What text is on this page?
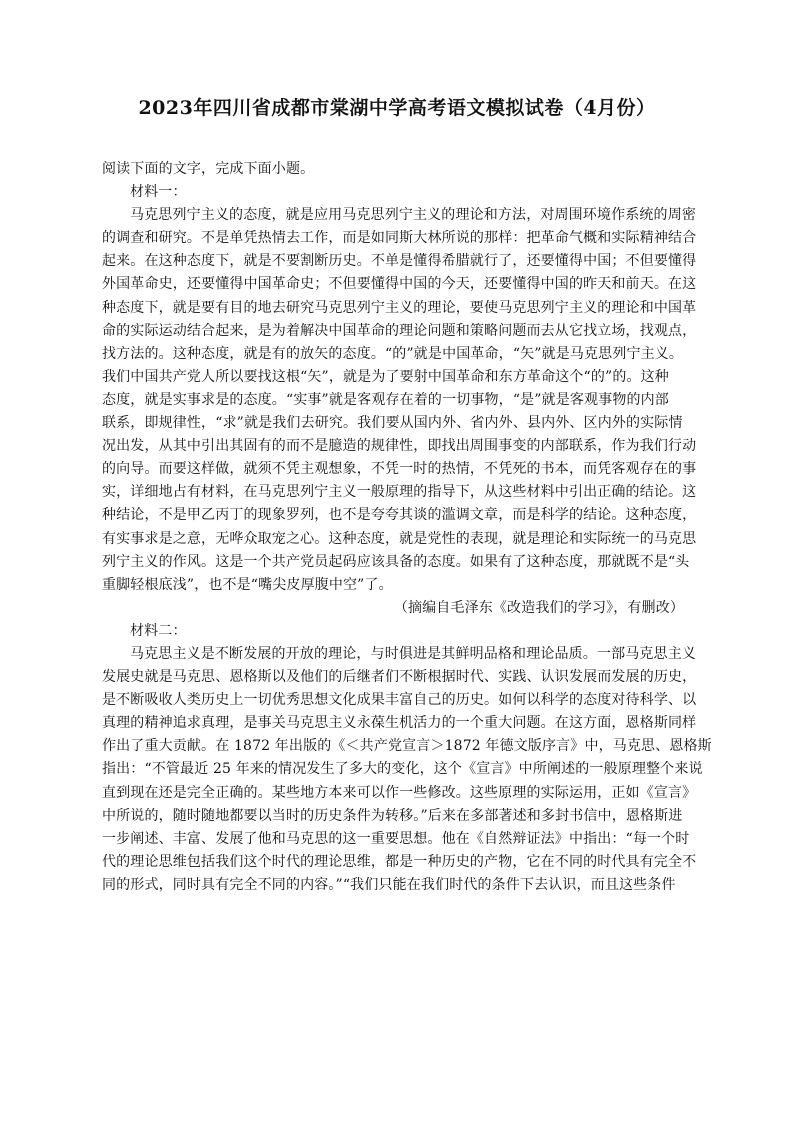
2023年四川省成都市棠湖中学高考语文模拟试卷（4月份）
阅读下面的文字，完成下面小题。
材料一：
马克思列宁主义的态度，就是应用马克思列宁主义的理论和方法，对周围环境作系统的周密
的调查和研究。不是单凭热情去工作，而是如同斯大林所说的那样：把革命气概和实际精神结合
起来。在这种态度下，就是不要割断历史。不单是懂得希腊就行了，还要懂得中国；不但要懂得
外国革命史，还要懂得中国革命史；不但要懂得中国的今天，还要懂得中国的昨天和前天。在这
种态度下，就是要有目的地去研究马克思列宁主义的理论，要使马克思列宁主义的理论和中国革
命的实际运动结合起来，是为着解决中国革命的理论问题和策略问题而去从它找立场，找观点，
找方法的。这种态度，就是有的放矢的态度。“的”就是中国革命，“矢”就是马克思列宁主义。
我们中国共产党人所以要找这根“矢”，就是为了要射中国革命和东方革命这个“的”的。这种
态度，就是实事求是的态度。“实事”就是客观存在着的一切事物，“是”就是客观事物的内部
联系，即规律性，“求”就是我们去研究。我们要从国内外、省内外、县内外、区内外的实际情
况出发，从其中引出其固有的而不是臆造的规律性，即找出周围事变的内部联系，作为我们行动
的向导。而要这样做，就须不凭主观想象，不凭一时的热情，不凭死的书本，而凭客观存在的事
实，详细地占有材料，在马克思列宁主义一般原理的指导下，从这些材料中引出正确的结论。这
种结论，不是甲乙丙丁的现象罗列，也不是夸夸其谈的滥调文章，而是科学的结论。这种态度，
有实事求是之意，无哗众取宠之心。这种态度，就是党性的表现，就是理论和实际统一的马克思
列宁主义的作风。这是一个共产党员起码应该具备的态度。如果有了这种态度，那就既不是“头
重脚轻根底浅”，也不是“嘴尖皮厚腹中空”了。
（摘编自毛泽东《改造我们的学习》，有删改）
材料二：
马克思主义是不断发展的开放的理论，与时俱进是其鲜明品格和理论品质。一部马克思主义
发展史就是马克思、恩格斯以及他们的后继者们不断根据时代、实践、认识发展而发展的历史，
是不断吸收人类历史上一切优秀思想文化成果丰富自己的历史。如何以科学的态度对待科学、以
真理的精神追求真理，是事关马克思主义永葆生机活力的一个重大问题。在这方面，恩格斯同样
作出了重大贡献。在 1872 年出版的《＜共产党宣言＞1872 年德文版序言》中，马克思、恩格斯
指出：“不管最近 25 年来的情况发生了多大的变化，这个《宣言》中所阐述的一般原理整个来说
直到现在还是完全正确的。某些地方本来可以作一些修改。这些原理的实际运用，正如《宣言》
中所说的，随时随地都要以当时的历史条件为转移。”后来在多部著述和多封书信中，恩格斯进
一步阐述、丰富、发展了他和马克思的这一重要思想。他在《自然辩证法》中指出：“每一个时
代的理论思维包括我们这个时代的理论思维，都是一种历史的产物，它在不同的时代具有完全不
同的形式，同时具有完全不同的内容。”“我们只能在我们时代的条件下去认识，而且这些条件
